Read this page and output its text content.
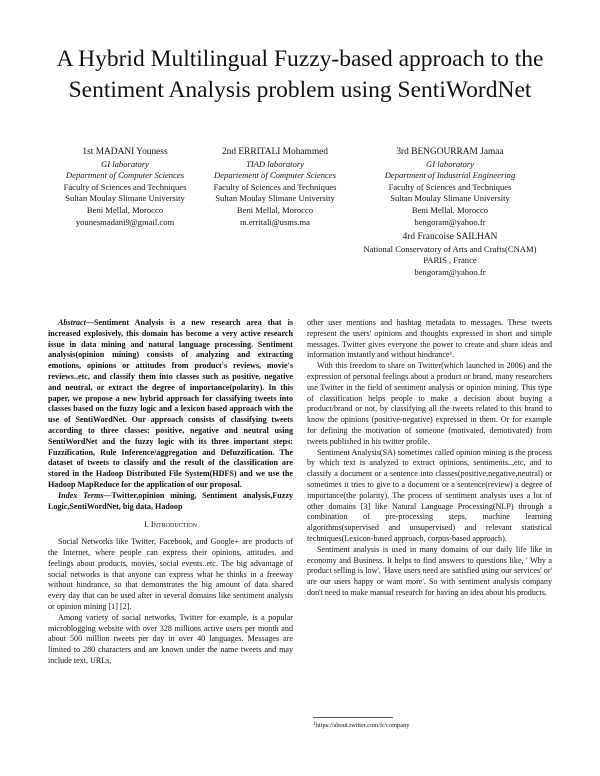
A Hybrid Multilingual Fuzzy-based approach to the
Sentiment Analysis problem using SentiWordNet
1st MADANI Youness
GI laboratory
Department of Computer Sciences
Faculty of Sciences and Techniques
Sultan Moulay Slimane University
Beni Mellal, Morocco
younesmadani9@gmail.com
2nd ERRITALI Mohammed
TIAD laboratory
Departement of Computer Sciences
Faculty of Sciences and Techniques
Sultan Moulay Slimane University
Beni Mellal, Morocco
m.erritali@usms.ma
3rd BENGOURRAM Jamaa
GI laboratory
Department of Industrial Engineering
Faculty of Sciences and Techniques
Sultan Moulay Slimane University
Beni Mellal, Morocco
bengoram@yahoo.fr
4rd Francoise SAILHAN
National Conservatory of Arts and Crafts(CNAM)
PARIS , France
bengoram@yahoo.fr

Abstract—Sentiment Analysis is a new research area that is increased explosively, this domain has become a very active research issue in data mining and natural language processing. Sentiment analysis(opinion mining) consists of analyzing and extracting emotions, opinions or attitudes from product's reviews, movie's reviews..etc, and classify them into classes such as positive, negative and neutral, or extract the degree of importance(polarity). In this paper, we propose a new hybrid approach for classifying tweets into classes based on the fuzzy logic and a lexicon based approach with the use of SentiWordNet. Our approach consists of classifying tweets according to three classes: positive, negative and neutral using SentiWordNet and the fuzzy logic with its three important steps: Fuzzification, Rule Inference/aggregation and Defuzzification. The dataset of tweets to classify and the result of the classification are stored in the Hadoop Distributed File System(HDFS) and we use the Hadoop MapReduce for the application of our proposal.

Index Terms—Twitter,opinion mining, Sentiment analysis,Fuzzy Logic,SentiWordNet, big data, Hadoop

I. Introduction

Social Networks like Twitter, Facebook, and Google+ are products of the Internet, where people can express their opinions, attitudes, and feelings about products, movies, social events..etc. The big advantage of social networks is that anyone can express what he thinks in a freeway without hindrance, so that demonstrates the big amount of data shared every day that can be used after in several domains like sentiment analysis or opinion mining [1] [2].

Among variety of social networks, Twitter for example, is a popular microblogging website with over 328 millions active users per month and about 500 million tweets per day in over 40 languages. Messages are limited to 280 characters and are known under the name tweets and may include text, URLs,

other user mentions and hashtag metadata to messages. These tweets represent the users' opinions and thoughts expressed in short and simple messages. Twitter gives everyone the power to create and share ideas and information instantly and without hindrance$^1$.

With this freedom to share on Twitter(which launched in 2006) and the expression of personal feelings about a product or brand, many researchers use Twitter in the field of sentiment analysis or opinion mining. This type of classification helps people to make a decision about buying a product/brand or not, by classifying all the tweets related to this brand to know the opinions (positive-negative) expressed in them. Or for example for defining the motivation of someone (motivated, demotivated) from tweets published in his twitter profile.

Sentiment Analysis(SA) sometimes called opinion mining is the process by which text is analyzed to extract opinions, sentiments..,etc, and to classify a document or a sentence into classes(positive,negative,neutral) or sometimes it tries to give to a document or a sentence(review) a degree of importance(the polarity). The process of sentiment analysis uses a lot of other domains [3] like Natural Language Processing(NLP) through a combination of pre-processing steps, machine learning algorithms(supervised and unsupervised) and relevant statistical techniques(Lexicon-based approach, corpus-based approach).

Sentiment analysis is used in many domains of our daily life like in economy and Business. It helps to find answers to questions like, ' Why a product selling is low', 'Have users need are satisfied using our services' or' are our users happy or want more'. So with sentiment analysis company don't need to make manual research for having an idea about his products.

$^1$https://about.twitter.com/fr/company
